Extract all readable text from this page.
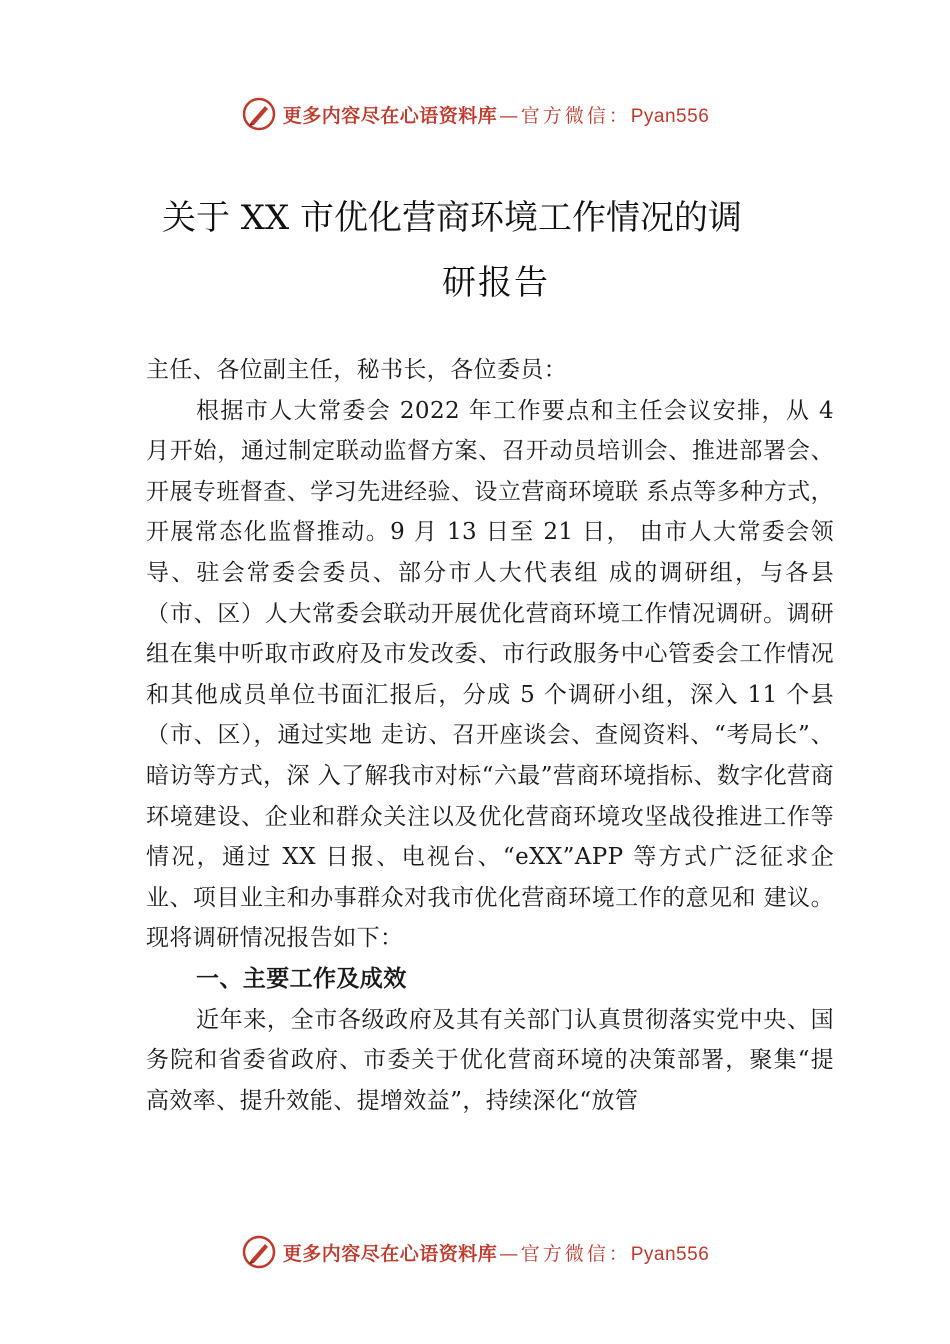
更多内容尽在心语资料库 — 官方微信：Pyan556
关于 XX 市优化营商环境工作情况的调
研报告

主任、各位副主任，秘书长，各位委员：

根据市人大常委会 2022 年工作要点和主任会议安排，从 4 月开始，通过制定联动监督方案、召开动员培训会、推进部署会、开展专班督查、学习先进经验、设立营商环境联 系点等多种方式，开展常态化监督推动。9 月 13 日至 21 日， 由市人大常委会领导、驻会常委会委员、部分市人大代表组 成的调研组，与各县（市、区）人大常委会联动开展优化营商环境工作情况调研。调研组在集中听取市政府及市发改委、市行政服务中心管委会工作情况和其他成员单位书面汇报后，分成 5 个调研小组，深入 11 个县（市、区），通过实地 走访、召开座谈会、查阅资料、“考局长”、暗访等方式，深 入了解我市对标“六最”营商环境指标、数字化营商环境建设、企业和群众关注以及优化营商环境攻坚战役推进工作等情况，通过 XX 日报、电视台、“eXX”APP 等方式广泛征求企业、项目业主和办事群众对我市优化营商环境工作的意见和 建议。现将调研情况报告如下：

一、主要工作及成效

近年来，全市各级政府及其有关部门认真贯彻落实党中央、国务院和省委省政府、市委关于优化营商环境的决策部署，聚集“提高效率、提升效能、提增效益”，持续深化“放管

更多内容尽在心语资料库 — 官方微信：Pyan556
